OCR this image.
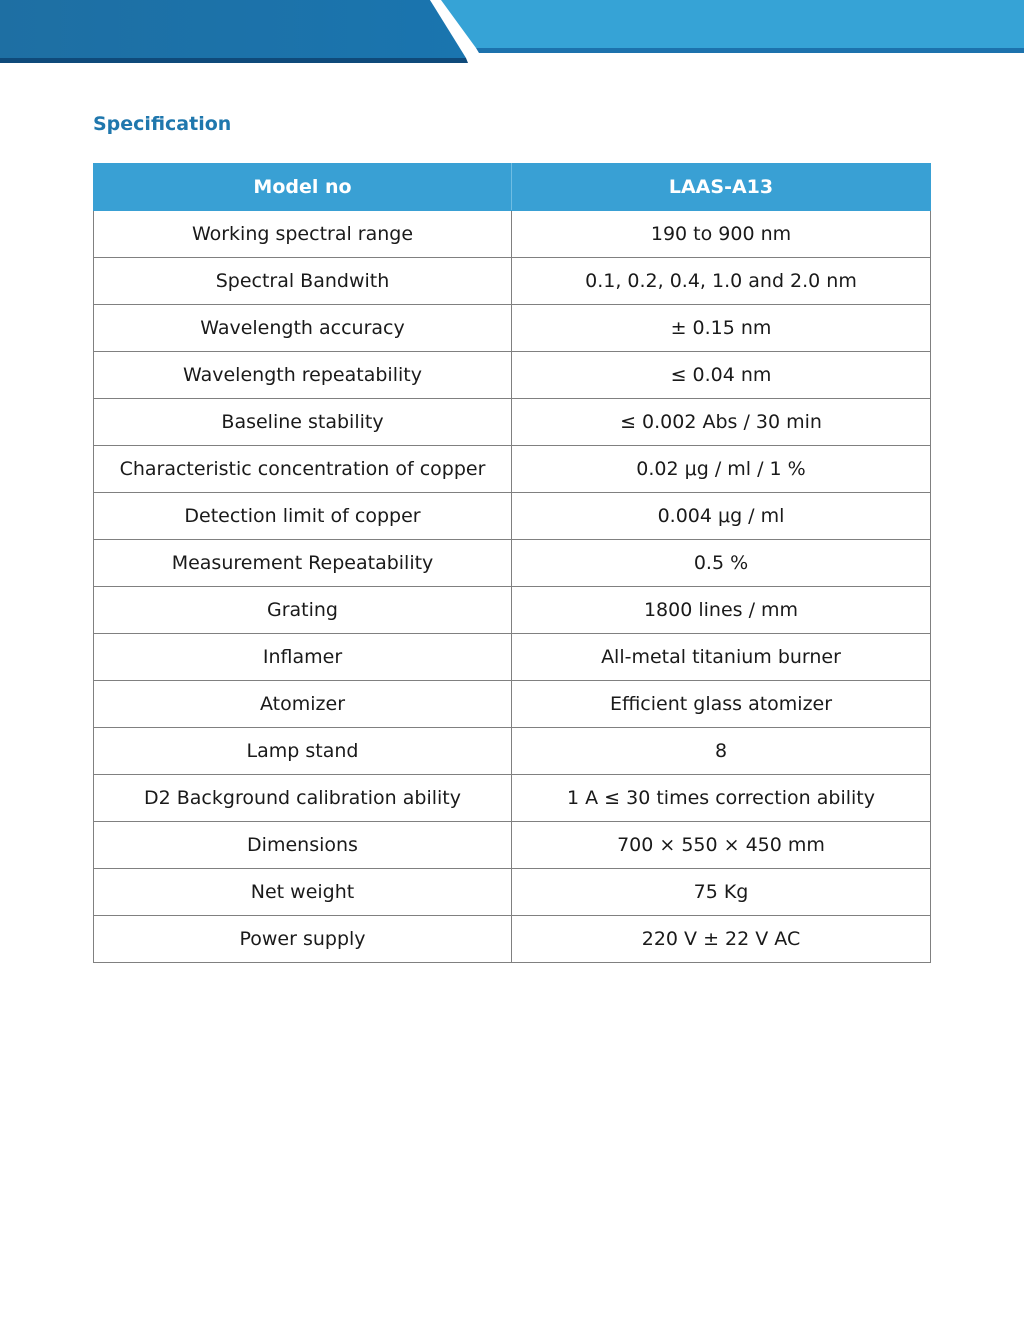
Specification
Model no	LAAS-A13
Working spectral range	190 to 900 nm
Spectral Bandwith	0.1, 0.2, 0.4, 1.0 and 2.0 nm
Wavelength accuracy	± 0.15 nm
Wavelength repeatability	≤ 0.04 nm
Baseline stability	≤ 0.002 Abs / 30 min
Characteristic concentration of copper	0.02 μg / ml / 1 %
Detection limit of copper	0.004 μg / ml
Measurement Repeatability	0.5 %
Grating	1800 lines / mm
Inflamer	All-metal titanium burner
Atomizer	Efficient glass atomizer
Lamp stand	8
D2 Background calibration ability	1 A ≤ 30 times correction ability
Dimensions	700 × 550 × 450 mm
Net weight	75 Kg
Power supply	220 V ± 22 V AC
